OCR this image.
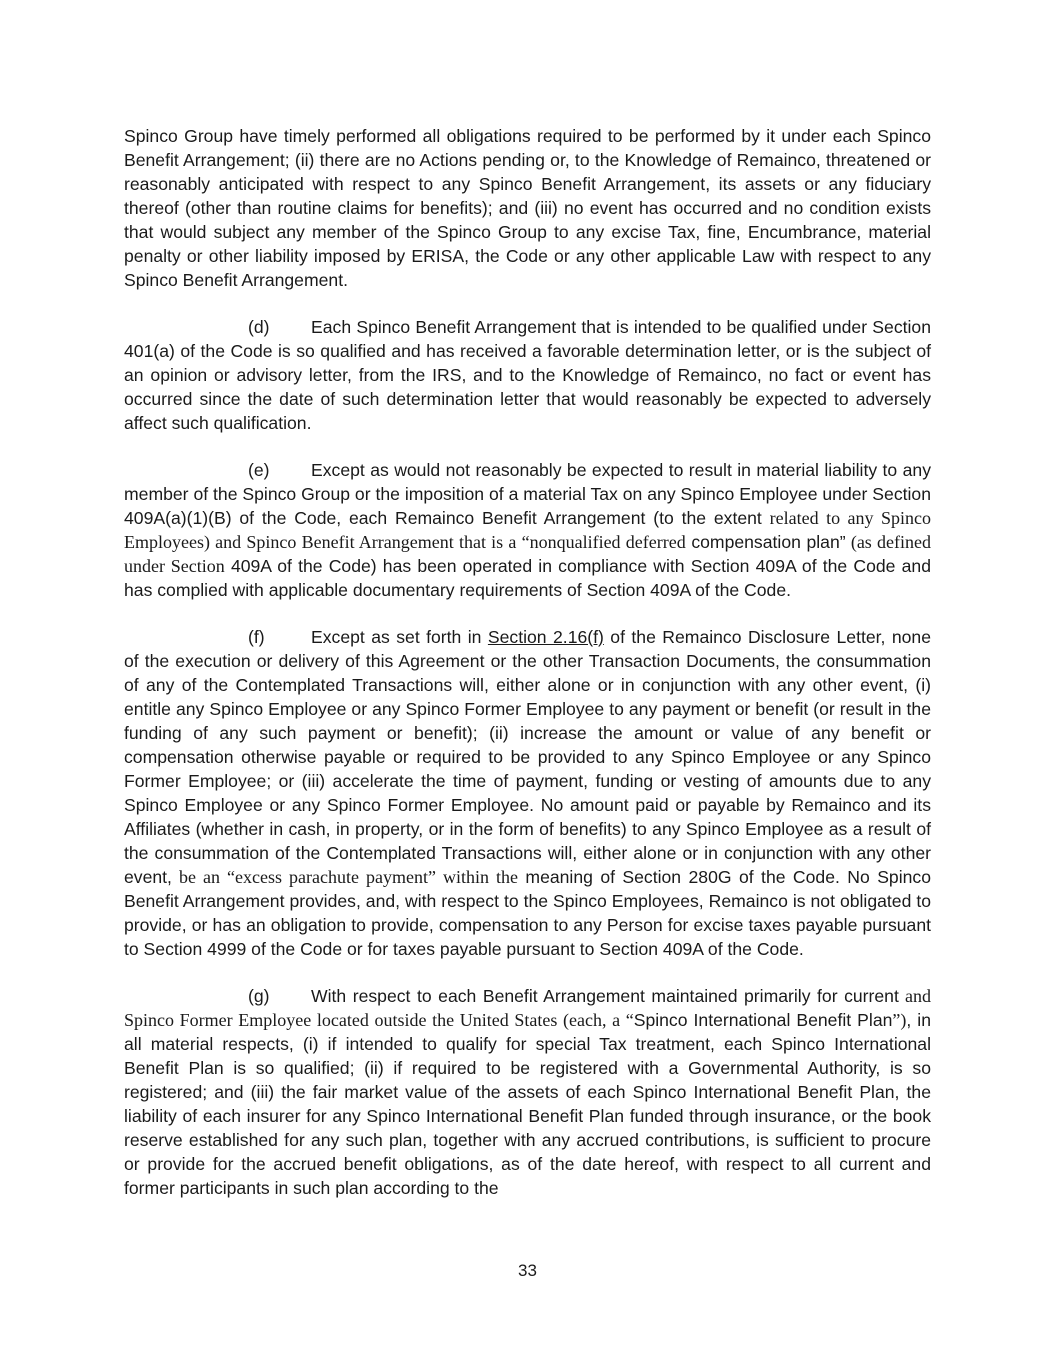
Spinco Group have timely performed all obligations required to be performed by it under each Spinco Benefit Arrangement; (ii) there are no Actions pending or, to the Knowledge of Remainco, threatened or reasonably anticipated with respect to any Spinco Benefit Arrangement, its assets or any fiduciary thereof (other than routine claims for benefits); and (iii) no event has occurred and no condition exists that would subject any member of the Spinco Group to any excise Tax, fine, Encumbrance, material penalty or other liability imposed by ERISA, the Code or any other applicable Law with respect to any Spinco Benefit Arrangement.

(d) Each Spinco Benefit Arrangement that is intended to be qualified under Section 401(a) of the Code is so qualified and has received a favorable determination letter, or is the subject of an opinion or advisory letter, from the IRS, and to the Knowledge of Remainco, no fact or event has occurred since the date of such determination letter that would reasonably be expected to adversely affect such qualification.

(e) Except as would not reasonably be expected to result in material liability to any member of the Spinco Group or the imposition of a material Tax on any Spinco Employee under Section 409A(a)(1)(B) of the Code, each Remainco Benefit Arrangement (to the extent related to any Spinco Employees) and Spinco Benefit Arrangement that is a “nonqualified deferred compensation plan” (as defined under Section 409A of the Code) has been operated in compliance with Section 409A of the Code and has complied with applicable documentary requirements of Section 409A of the Code.

(f)	Except as set forth in Section 2.16(f) of the Remainco Disclosure Letter, none of the execution or delivery of this Agreement or the other Transaction Documents, the consummation of any of the Contemplated Transactions will, either alone or in conjunction with any other event, (i) entitle any Spinco Employee or any Spinco Former Employee to any payment or benefit (or result in the funding of any such payment or benefit); (ii) increase the amount or value of any benefit or compensation otherwise payable or required to be provided to any Spinco Employee or any Spinco Former Employee; or (iii) accelerate the time of payment, funding or vesting of amounts due to any Spinco Employee or any Spinco Former Employee. No amount paid or payable by Remainco and its Affiliates (whether in cash, in property, or in the form of benefits) to any Spinco Employee as a result of the consummation of the Contemplated Transactions will, either alone or in conjunction with any other event, be an “excess parachute payment” within the meaning of Section 280G of the Code. No Spinco Benefit Arrangement provides, and, with respect to the Spinco Employees, Remainco is not obligated to provide, or has an obligation to provide, compensation to any Person for excise taxes payable pursuant to Section 4999 of the Code or for taxes payable pursuant to Section 409A of the Code.

(g) With respect to each Benefit Arrangement maintained primarily for current and Spinco Former Employee located outside the United States (each, a “Spinco International Benefit Plan”), in all material respects, (i) if intended to qualify for special Tax treatment, each Spinco International Benefit Plan is so qualified; (ii) if required to be registered with a Governmental Authority, is so registered; and (iii) the fair market value of the assets of each Spinco International Benefit Plan, the liability of each insurer for any Spinco International Benefit Plan funded through insurance, or the book reserve established for any such plan, together with any accrued contributions, is sufficient to procure or provide for the accrued benefit obligations, as of the date hereof, with respect to all current and former participants in such plan according to the

33
